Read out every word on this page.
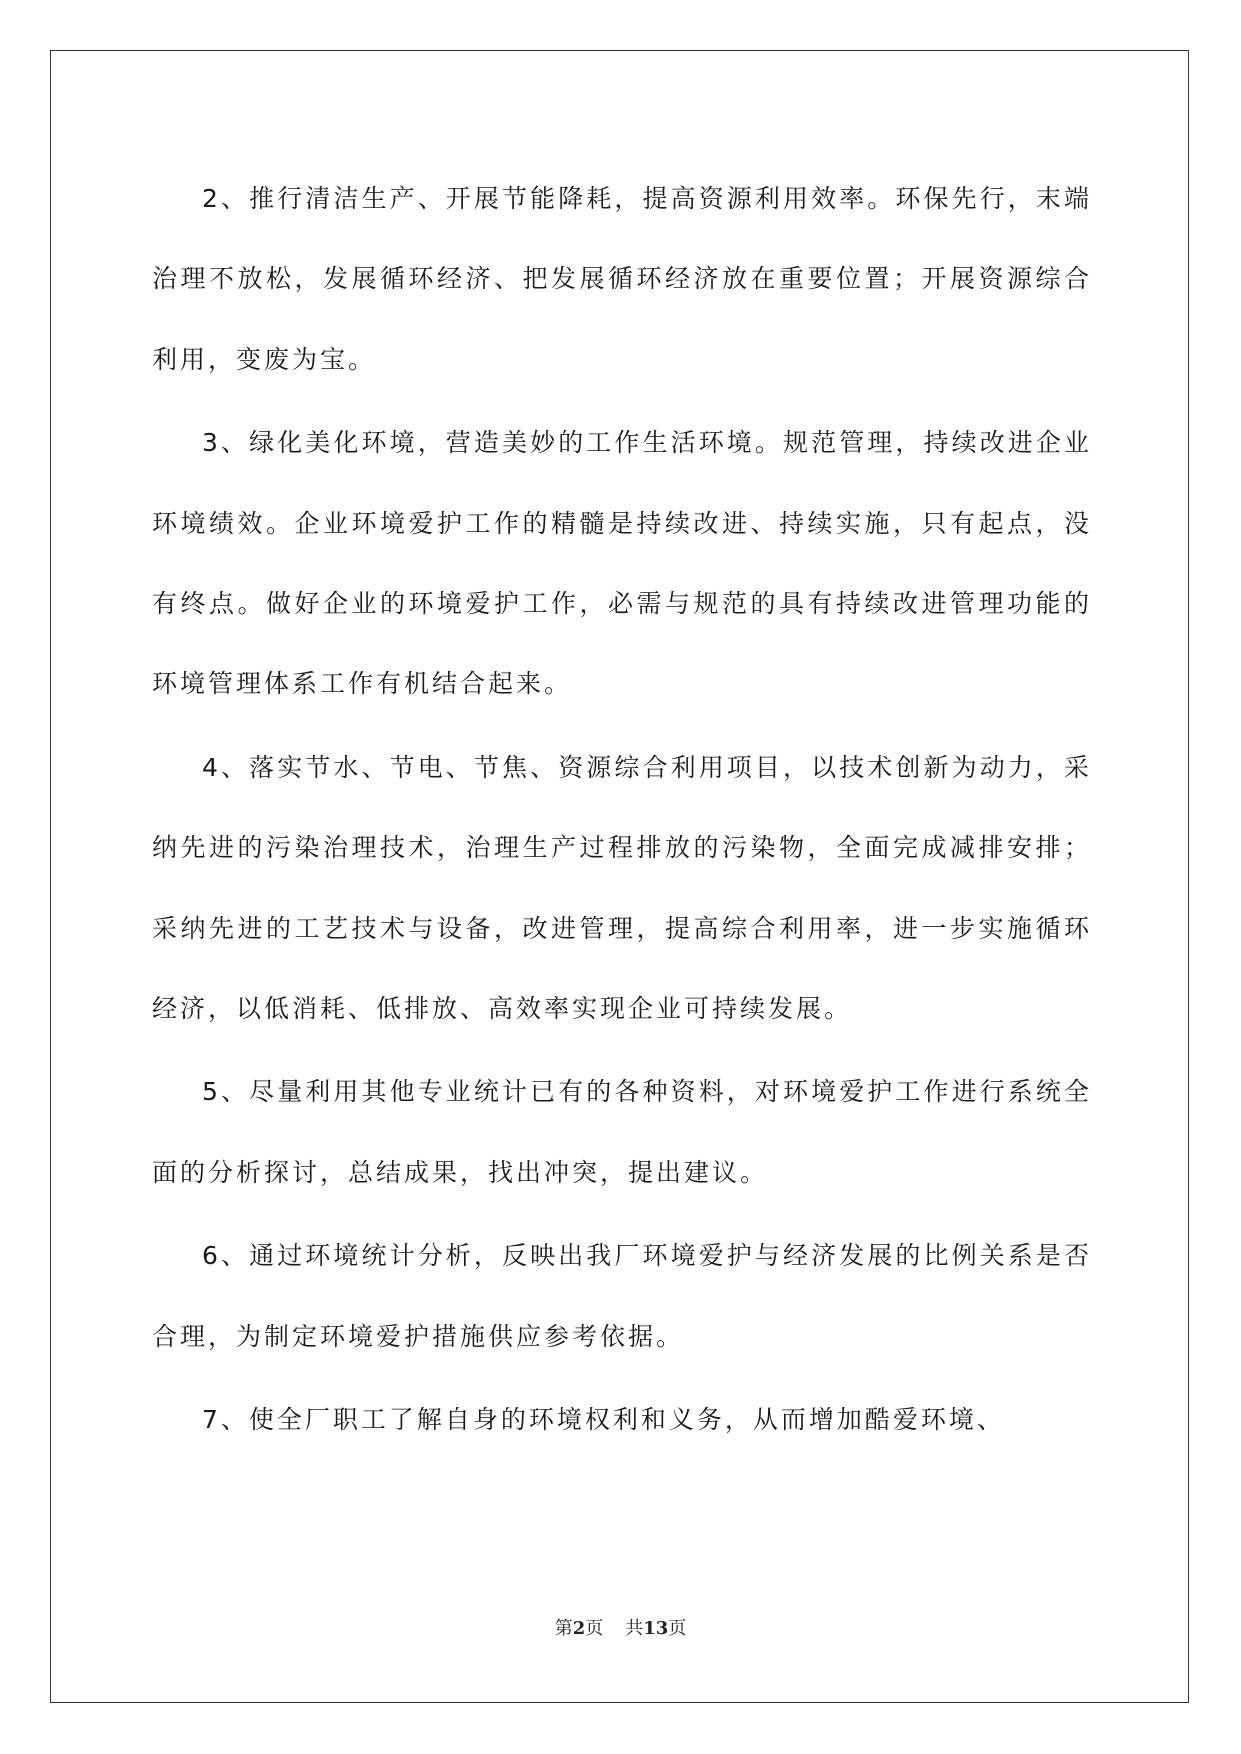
2、推行清洁生产、开展节能降耗，提高资源利用效率。环保先行，末端治理不放松，发展循环经济、把发展循环经济放在重要位置；开展资源综合利用，变废为宝。

3、绿化美化环境，营造美妙的工作生活环境。规范管理，持续改进企业环境绩效。企业环境爱护工作的精髓是持续改进、持续实施，只有起点，没有终点。做好企业的环境爱护工作，必需与规范的具有持续改进管理功能的环境管理体系工作有机结合起来。

4、落实节水、节电、节焦、资源综合利用项目，以技术创新为动力，采纳先进的污染治理技术，治理生产过程排放的污染物，全面完成减排安排；采纳先进的工艺技术与设备，改进管理，提高综合利用率，进一步实施循环经济，以低消耗、低排放、高效率实现企业可持续发展。

5、尽量利用其他专业统计已有的各种资料，对环境爱护工作进行系统全面的分析探讨，总结成果，找出冲突，提出建议。

6、通过环境统计分析，反映出我厂环境爱护与经济发展的比例关系是否合理，为制定环境爱护措施供应参考依据。

7、使全厂职工了解自身的环境权利和义务，从而增加酷爱环境、

第2页 共13页
